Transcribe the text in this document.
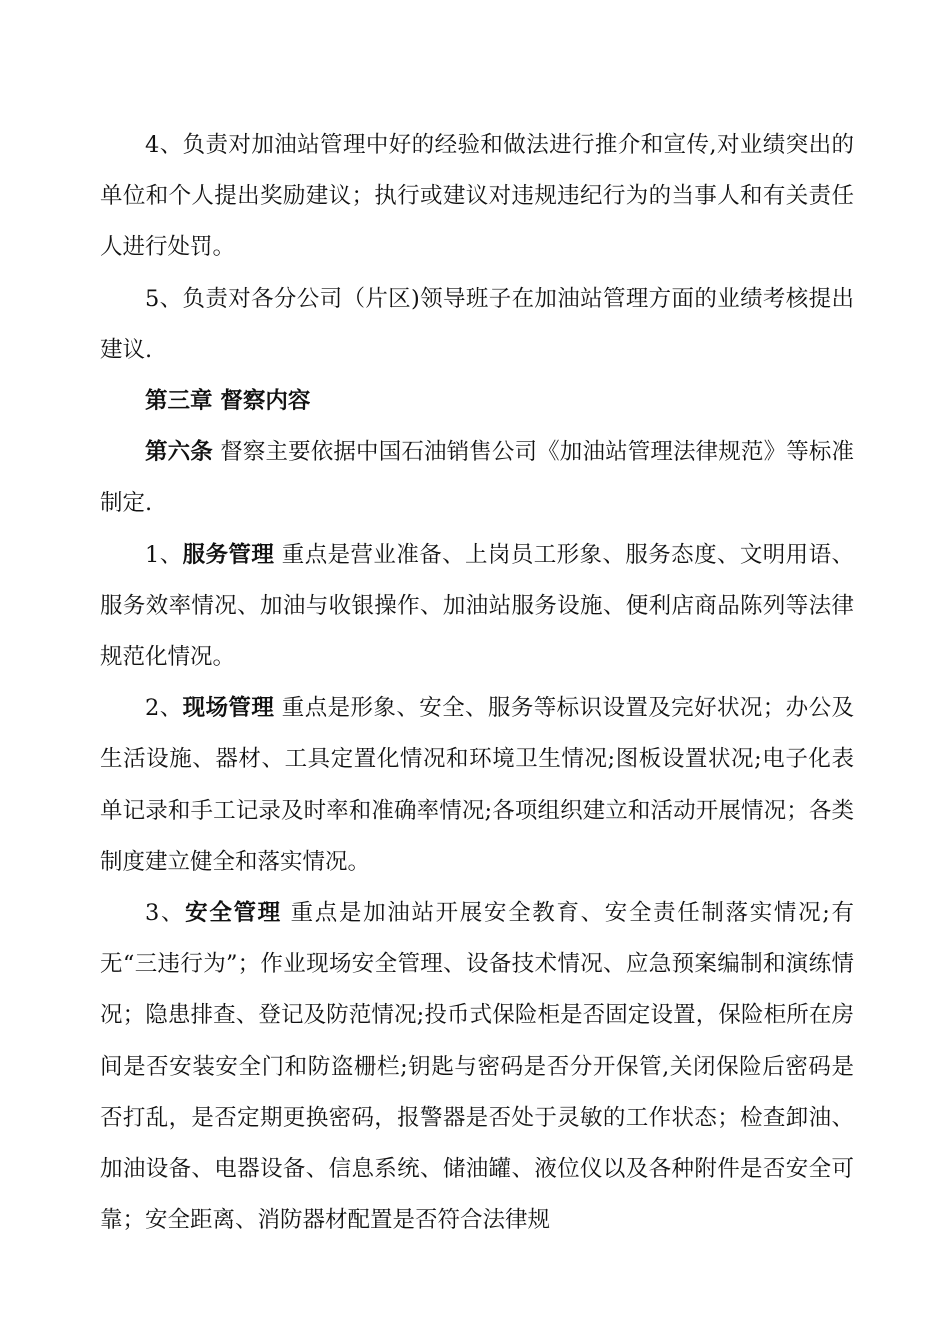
4、负责对加油站管理中好的经验和做法进行推介和宣传,对业绩突出的单位和个人提出奖励建议；执行或建议对违规违纪行为的当事人和有关责任人进行处罚。

5、负责对各分公司（片区)领导班子在加油站管理方面的业绩考核提出建议.

第三章 督察内容

第六条 督察主要依据中国石油销售公司《加油站管理法律规范》等标准制定.

1、服务管理 重点是营业准备、上岗员工形象、服务态度、文明用语、服务效率情况、加油与收银操作、加油站服务设施、便利店商品陈列等法律规范化情况。

2、现场管理 重点是形象、安全、服务等标识设置及完好状况；办公及生活设施、器材、工具定置化情况和环境卫生情况;图板设置状况;电子化表单记录和手工记录及时率和准确率情况;各项组织建立和活动开展情况；各类制度建立健全和落实情况。

3、安全管理 重点是加油站开展安全教育、安全责任制落实情况;有无“三违行为”；作业现场安全管理、设备技术情况、应急预案编制和演练情况；隐患排查、登记及防范情况;投币式保险柜是否固定设置，保险柜所在房间是否安装安全门和防盗栅栏;钥匙与密码是否分开保管,关闭保险后密码是否打乱，是否定期更换密码，报警器是否处于灵敏的工作状态；检查卸油、加油设备、电器设备、信息系统、储油罐、液位仪以及各种附件是否安全可靠；安全距离、消防器材配置是否符合法律规
